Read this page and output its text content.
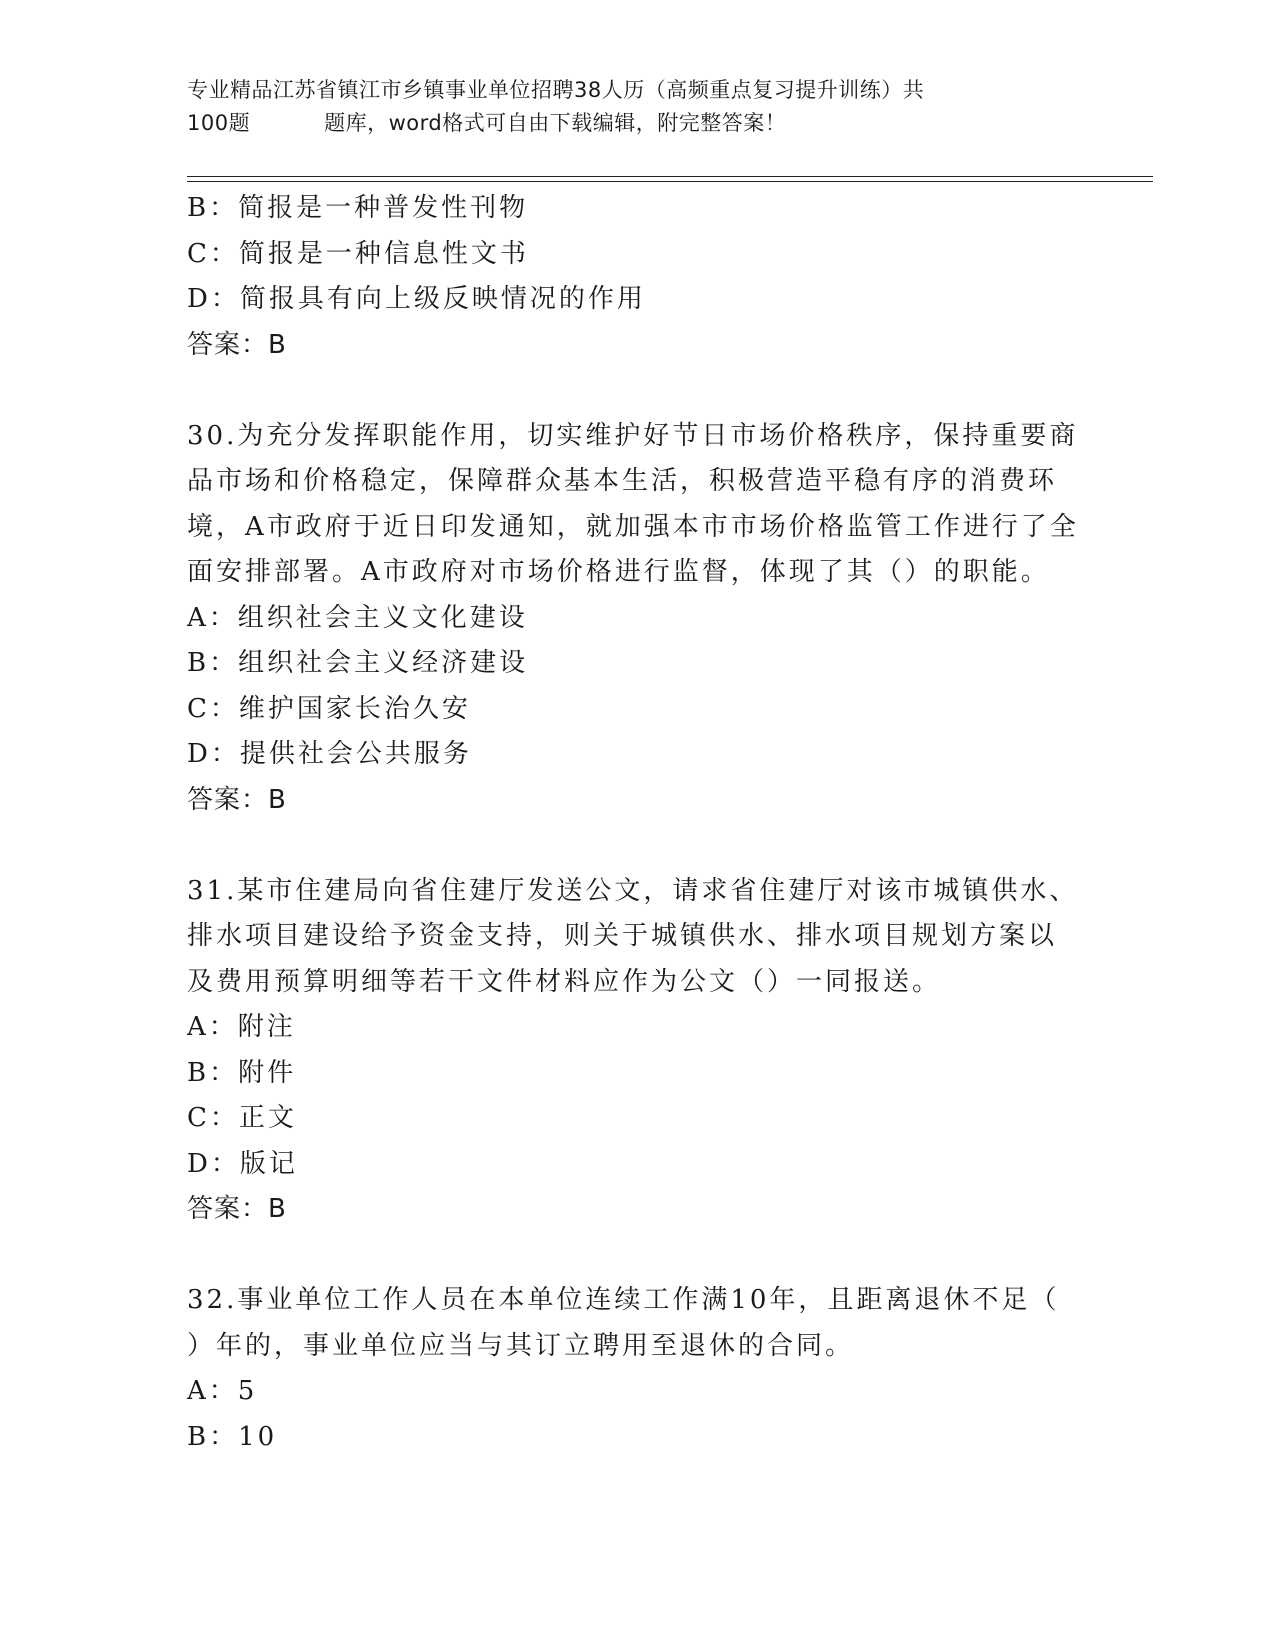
专业精品江苏省镇江市乡镇事业单位招聘38人历（高频重点复习提升训练）共
100题	题库，word格式可自由下载编辑，附完整答案！
B：简报是一种普发性刊物
C：简报是一种信息性文书
D：简报具有向上级反映情况的作用
答案：B
30.为充分发挥职能作用，切实维护好节日市场价格秩序，保持重要商
品市场和价格稳定，保障群众基本生活，积极营造平稳有序的消费环
境，A市政府于近日印发通知，就加强本市市场价格监管工作进行了全
面安排部署。A市政府对市场价格进行监督，体现了其（）的职能。
A：组织社会主义文化建设
B：组织社会主义经济建设
C：维护国家长治久安
D：提供社会公共服务
答案：B
31.某市住建局向省住建厅发送公文，请求省住建厅对该市城镇供水、
排水项目建设给予资金支持，则关于城镇供水、排水项目规划方案以
及费用预算明细等若干文件材料应作为公文（）一同报送。
A：附注
B：附件
C：正文
D：版记
答案：B
32.事业单位工作人员在本单位连续工作满10年，且距离退休不足（
）年的，事业单位应当与其订立聘用至退休的合同。
A：5
B：10
